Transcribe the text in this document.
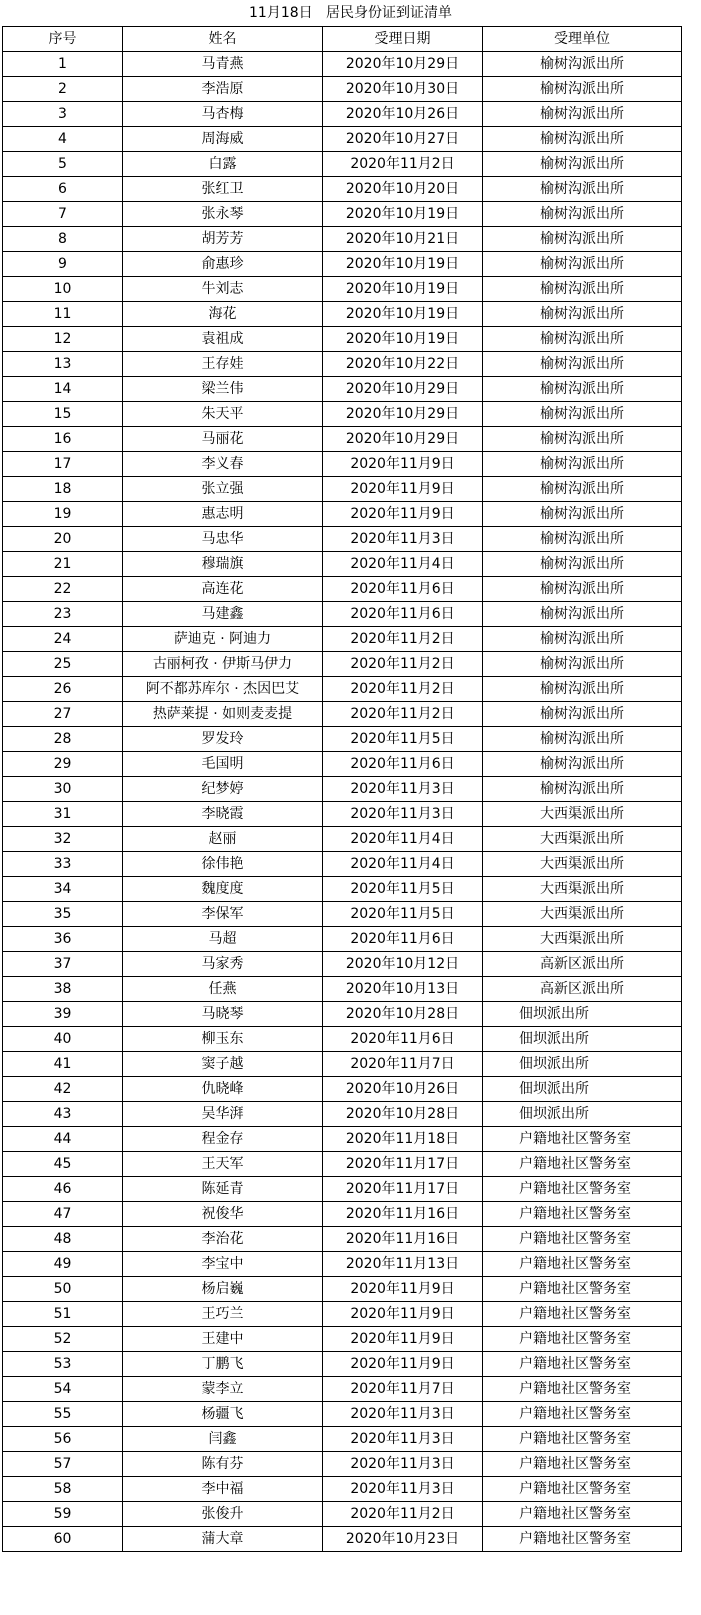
11月18日   居民身份证到证清单
序号	姓名	受理日期	受理单位
1	马青燕	2020年10月29日	榆树沟派出所
2	李浩原	2020年10月30日	榆树沟派出所
3	马杏梅	2020年10月26日	榆树沟派出所
4	周海威	2020年10月27日	榆树沟派出所
5	白露	2020年11月2日	榆树沟派出所
6	张红卫	2020年10月20日	榆树沟派出所
7	张永琴	2020年10月19日	榆树沟派出所
8	胡芳芳	2020年10月21日	榆树沟派出所
9	俞惠珍	2020年10月19日	榆树沟派出所
10	牛刘志	2020年10月19日	榆树沟派出所
11	海花	2020年10月19日	榆树沟派出所
12	袁祖成	2020年10月19日	榆树沟派出所
13	王存娃	2020年10月22日	榆树沟派出所
14	梁兰伟	2020年10月29日	榆树沟派出所
15	朱天平	2020年10月29日	榆树沟派出所
16	马丽花	2020年10月29日	榆树沟派出所
17	李义春	2020年11月9日	榆树沟派出所
18	张立强	2020年11月9日	榆树沟派出所
19	惠志明	2020年11月9日	榆树沟派出所
20	马忠华	2020年11月3日	榆树沟派出所
21	穆瑞旗	2020年11月4日	榆树沟派出所
22	高连花	2020年11月6日	榆树沟派出所
23	马建鑫	2020年11月6日	榆树沟派出所
24	萨迪克 · 阿迪力	2020年11月2日	榆树沟派出所
25	古丽柯孜 · 伊斯马伊力	2020年11月2日	榆树沟派出所
26	阿不都苏库尔 · 杰因巴艾	2020年11月2日	榆树沟派出所
27	热萨莱提 · 如则麦麦提	2020年11月2日	榆树沟派出所
28	罗发玲	2020年11月5日	榆树沟派出所
29	毛国明	2020年11月6日	榆树沟派出所
30	纪梦婷	2020年11月3日	榆树沟派出所
31	李晓霞	2020年11月3日	大西渠派出所
32	赵丽	2020年11月4日	大西渠派出所
33	徐伟艳	2020年11月4日	大西渠派出所
34	魏度度	2020年11月5日	大西渠派出所
35	李保军	2020年11月5日	大西渠派出所
36	马超	2020年11月6日	大西渠派出所
37	马家秀	2020年10月12日	高新区派出所
38	任燕	2020年10月13日	高新区派出所
39	马晓琴	2020年10月28日	佃坝派出所
40	柳玉东	2020年11月6日	佃坝派出所
41	窦子越	2020年11月7日	佃坝派出所
42	仇晓峰	2020年10月26日	佃坝派出所
43	吴华湃	2020年10月28日	佃坝派出所
44	程金存	2020年11月18日	户籍地社区警务室
45	王天军	2020年11月17日	户籍地社区警务室
46	陈延青	2020年11月17日	户籍地社区警务室
47	祝俊华	2020年11月16日	户籍地社区警务室
48	李治花	2020年11月16日	户籍地社区警务室
49	李宝中	2020年11月13日	户籍地社区警务室
50	杨启巍	2020年11月9日	户籍地社区警务室
51	王巧兰	2020年11月9日	户籍地社区警务室
52	王建中	2020年11月9日	户籍地社区警务室
53	丁鹏飞	2020年11月9日	户籍地社区警务室
54	蒙李立	2020年11月7日	户籍地社区警务室
55	杨疆飞	2020年11月3日	户籍地社区警务室
56	闫鑫	2020年11月3日	户籍地社区警务室
57	陈有芬	2020年11月3日	户籍地社区警务室
58	李中福	2020年11月3日	户籍地社区警务室
59	张俊升	2020年11月2日	户籍地社区警务室
60	蒲大章	2020年10月23日	户籍地社区警务室
